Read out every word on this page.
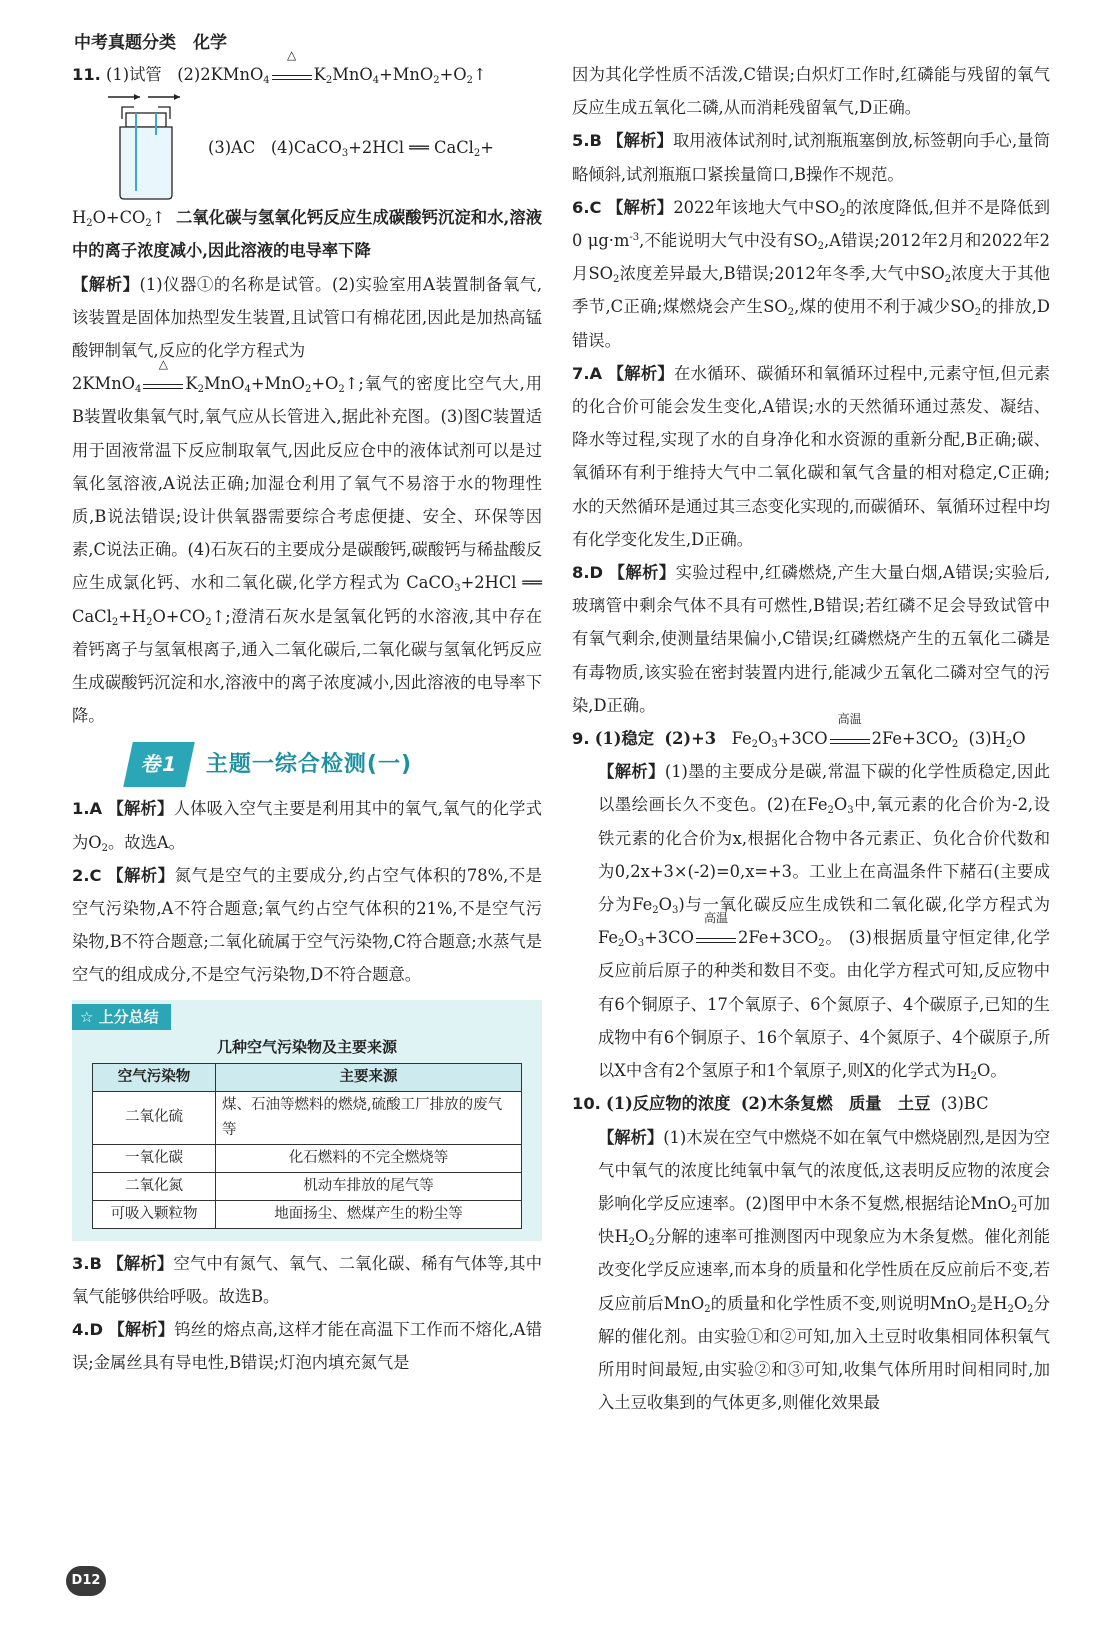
中考真题分类　化学
11. (1)试管 (2)2KMnO$_4$
△
$K_2MnO_4+MnO_2+O_2↑$
(3)AC (4)CaCO$_3$+2HCl ══ CaCl$_2$+
$H_2O+CO_2↑$ 二氧化碳与氢氧化钙反应生成碳酸钙沉淀和水,溶液中的离子浓度减小,因此溶液的电导率下降
【解析】(1)仪器①的名称是试管。(2)实验室用A装置制备氧气,该装置是固体加热型发生装置,且试管口有棉花团,因此是加热高锰酸钾制氧气,反应的化学方程式为
2KMnO$_4$
△
$K_2MnO_4+MnO_2+O_2↑$;氧气的密度比空气大,用B装置收集氧气时,氧气应从长管进入,据此补充图。(3)图C装置适用于固液常温下反应制取氧气,因此反应仓中的液体试剂可以是过氧化氢溶液,A说法正确;加湿仓利用了氧气不易溶于水的物理性质,B说法错误;设计供氧器需要综合考虑便捷、安全、环保等因素,C说法正确。(4)石灰石的主要成分是碳酸钙,碳酸钙与稀盐酸反应生成氯化钙、水和二氧化碳,化学方程式为 CaCO$_3$+2HCl ══ $CaCl_2+H_2O+CO_2↑$;澄清石灰水是氢氧化钙的水溶液,其中存在着钙离子与氢氧根离子,通入二氧化碳后,二氧化碳与氢氧化钙反应生成碳酸钙沉淀和水,溶液中的离子浓度减小,因此溶液的电导率下降。
卷1	主题一综合检测(一)
1.A 【解析】人体吸入空气主要是利用其中的氧气,氧气的化学式为$O_2$。故选A。
2.C 【解析】氮气是空气的主要成分,约占空气体积的78%,不是空气污染物,A不符合题意;氧气约占空气体积的21%,不是空气污染物,B不符合题意;二氧化硫属于空气污染物,C符合题意;水蒸气是空气的组成成分,不是空气污染物,D不符合题意。
☆ 上分总结
几种空气污染物及主要来源
空气污染物	主要来源
二氧化硫	煤、石油等燃料的燃烧,硫酸工厂排放的废气等
一氧化碳	化石燃料的不完全燃烧等
二氧化氮	机动车排放的尾气等
可吸入颗粒物	地面扬尘、燃煤产生的粉尘等
3.B 【解析】空气中有氮气、氧气、二氧化碳、稀有气体等,其中氧气能够供给呼吸。故选B。
4.D 【解析】钨丝的熔点高,这样才能在高温下工作而不熔化,A错误;金属丝具有导电性,B错误;灯泡内填充氮气是
因为其化学性质不活泼,C错误;白炽灯工作时,红磷能与残留的氧气反应生成五氧化二磷,从而消耗残留氧气,D正确。
5.B 【解析】取用液体试剂时,试剂瓶瓶塞倒放,标签朝向手心,量筒略倾斜,试剂瓶瓶口紧挨量筒口,B操作不规范。
6.C 【解析】2022年该地大气中$SO_2$的浓度降低,但并不是降低到0 $\mu g\cdot m^{-3}$,不能说明大气中没有$SO_2,A$错误;2012年2月和2022年2月$SO_2$浓度差异最大,B错误;2012年冬季,大气中$SO_2$浓度大于其他季节,C正确;煤燃烧会产生$SO_2$,煤的使用不利于减少$SO_2$的排放,D错误。
7.A 【解析】在水循环、碳循环和氧循环过程中,元素守恒,但元素的化合价可能会发生变化,A错误;水的天然循环通过蒸发、凝结、降水等过程,实现了水的自身净化和水资源的重新分配,B正确;碳、氧循环有利于维持大气中二氧化碳和氧气含量的相对稳定,C正确;水的天然循环是通过其三态变化实现的,而碳循环、氧循环过程中均有化学变化发生,D正确。
8.D 【解析】实验过程中,红磷燃烧,产生大量白烟,A错误;实验后,玻璃管中剩余气体不具有可燃性,B错误;若红磷不足会导致试管中有氧气剩余,使测量结果偏小,C错误;红磷燃烧产生的五氧化二磷是有毒物质,该实验在密封装置内进行,能减少五氧化二磷对空气的污染,D正确。
9. (1)稳定 (2)+3 $Fe_2O_3+3CO$
高温
$2Fe+3CO_2$ $(3)H_2O$
【解析】(1)墨的主要成分是碳,常温下碳的化学性质稳定,因此以墨绘画长久不变色。(2)在$Fe_2O_3$中,氧元素的化合价为-2,设铁元素的化合价为x,根据化合物中各元素正、负化合价代数和为0,2x+3×(-2)=0,x=+3。工业上在高温条件下赭石(主要成分为$Fe_2O_3$)与一氧化碳反应生成铁和二氧化碳,化学方程式为$Fe_2O_3+3CO$
高温
$2Fe+3CO_2$。 (3)根据质量守恒定律,化学反应前后原子的种类和数目不变。由化学方程式可知,反应物中有6个铜原子、17个氧原子、6个氮原子、4个碳原子,已知的生成物中有6个铜原子、16个氧原子、4个氮原子、4个碳原子,所以X中含有2个氢原子和1个氧原子,则X的化学式为$H_2O$。
10. (1)反应物的浓度 (2)木条复燃　质量　土豆 (3)BC
【解析】(1)木炭在空气中燃烧不如在氧气中燃烧剧烈,是因为空气中氧气的浓度比纯氧中氧气的浓度低,这表明反应物的浓度会影响化学反应速率。(2)图甲中木条不复燃,根据结论MnO$_2$可加快$H_2O_2$分解的速率可推测图丙中现象应为木条复燃。催化剂能改变化学反应速率,而本身的质量和化学性质在反应前后不变,若反应前后MnO$_2$的质量和化学性质不变,则说明MnO$_2$是$H_2O_2$分解的催化剂。由实验①和②可知,加入土豆时收集相同体积氧气所用时间最短,由实验②和③可知,收集气体所用时间相同时,加入土豆收集到的气体更多,则催化效果最
D12
